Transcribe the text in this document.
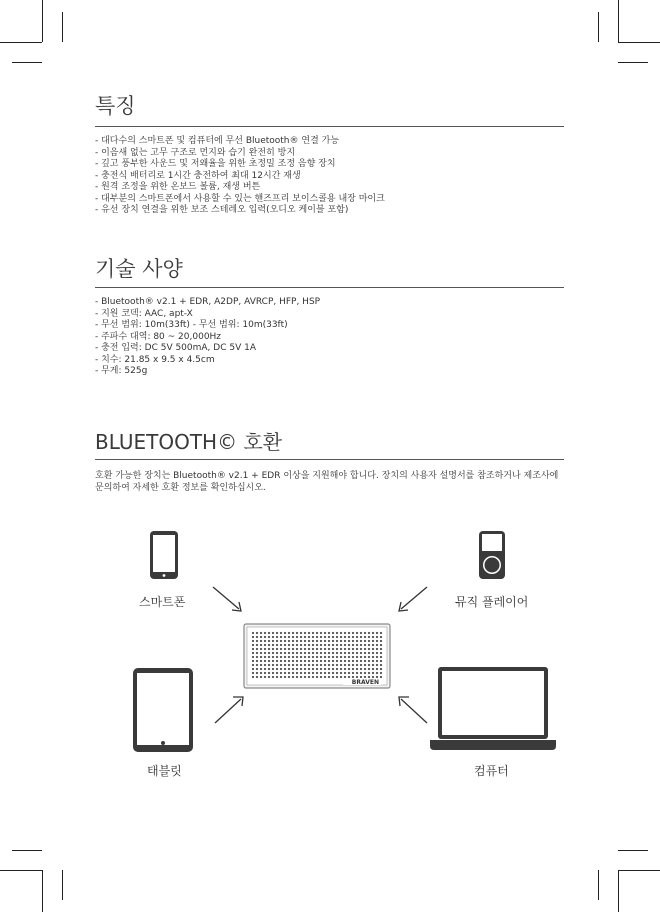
특징
- 대다수의 스마트폰 및 컴퓨터에 무선 Bluetooth® 연결 가능
- 이음새 없는 고무 구조로 먼지와 습기 완전히 방지
- 깊고 풍부한 사운드 및 저왜율을 위한 초정밀 조정 음향 장치
- 충전식 배터리로 1시간 충전하여 최대 12시간 재생
- 원격 조정을 위한 온보드 볼륨, 재생 버튼
- 대부분의 스마트폰에서 사용할 수 있는 핸즈프리 보이스콜용 내장 마이크
- 유선 장치 연결을 위한 보조 스테레오 입력(오디오 케이블 포함)
기술 사양
- Bluetooth® v2.1 + EDR, A2DP, AVRCP, HFP, HSP
- 지원 코덱: AAC, apt-X
- 무선 범위: 10m(33ft) - 무선 범위: 10m(33ft)
- 주파수 대역: 80 ~ 20,000Hz
- 충전 입력: DC 5V 500mA, DC 5V 1A
- 치수: 21.85 x 9.5 x 4.5cm
- 무게: 525g
BLUETOOTH© 호환

호환 가능한 장치는 Bluetooth® v2.1 + EDR 이상을 지원해야 합니다. 장치의 사용자 설명서를 참조하거나 제조사에 문의하여 자세한 호환 정보를 확인하십시오.

스마트폰	뮤직 플레이어
태블릿	컴퓨터
BRAVEN
